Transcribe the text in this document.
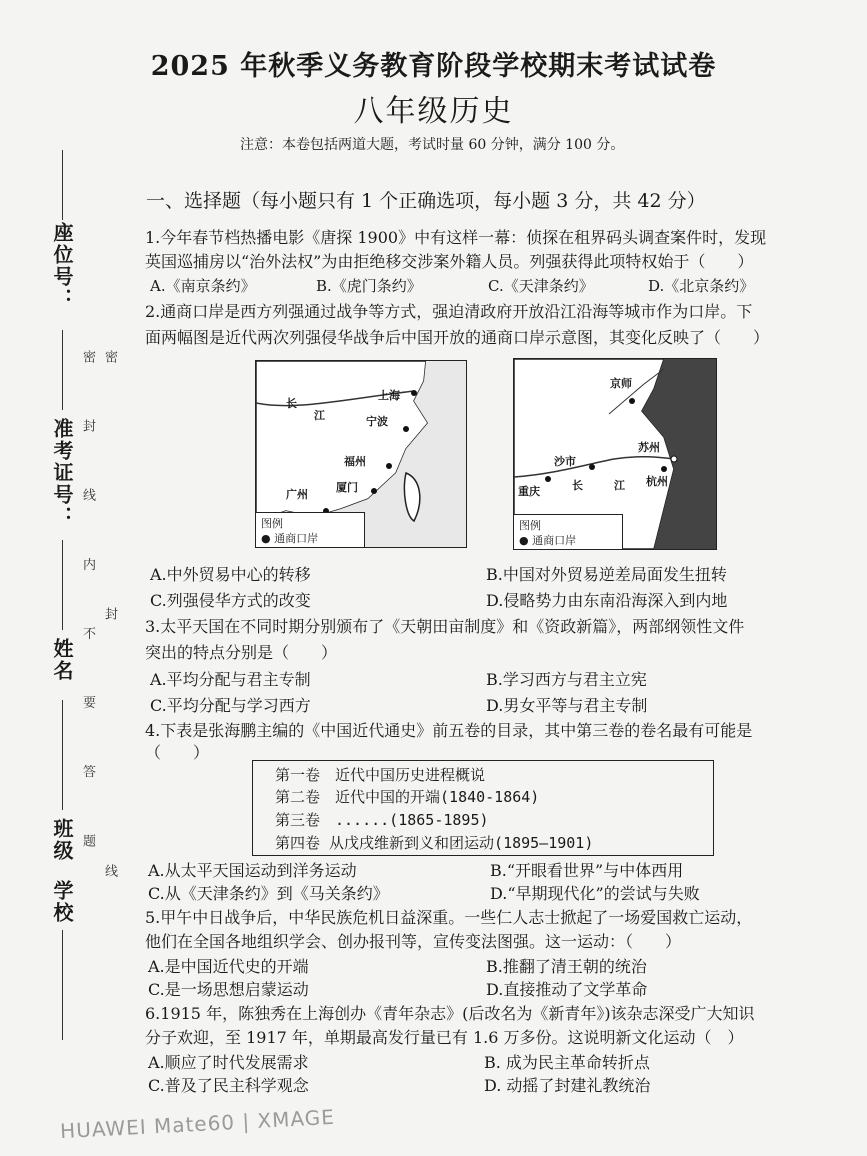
座位号：
准考证号：
姓名
班级
学校
密 封 线 内 不 要 答 题 密 封 线
2025 年秋季义务教育阶段学校期末考试试卷
八年级历史
注意：本卷包括两道大题，考试时量 60 分钟，满分 100 分。
一、选择题（每小题只有 1 个正确选项，每小题 3 分，共 42 分）
1.今年春节档热播电影《唐探 1900》中有这样一幕：侦探在租界码头调查案件时，发现
英国巡捕房以“治外法权”为由拒绝移交涉案外籍人员。列强获得此项特权始于（　　）
A.《南京条约》	B.《虎门条约》	C.《天津条约》	D.《北京条约》
2.通商口岸是西方列强通过战争等方式，强迫清政府开放沿江沿海等城市作为口岸。下
面两幅图是近代两次列强侵华战争后中国开放的通商口岸示意图，其变化反映了（　　）
上海
宁波
福州
厦门
广州
长
江
图例
● 通商口岸
京师
苏州
杭州
沙市
重庆	长	江
图例
● 通商口岸
A.中外贸易中心的转移	B.中国对外贸易逆差局面发生扭转
C.列强侵华方式的改变	D.侵略势力由东南沿海深入到内地
3.太平天国在不同时期分别颁布了《天朝田亩制度》和《资政新篇》，两部纲领性文件
突出的特点分别是（　　）
A.平均分配与君主专制	B.学习西方与君主立宪
C.平均分配与学习西方	D.男女平等与君主专制
4.下表是张海鹏主编的《中国近代通史》前五卷的目录，其中第三卷的卷名最有可能是
（　　）
第一卷　近代中国历史进程概说
第二卷　近代中国的开端(1840-1864)
第三卷　......(1865-1895)
第四卷 从戊戌维新到义和团运动(1895—1901)
A.从太平天国运动到洋务运动	B.“开眼看世界”与中体西用
C.从《天津条约》到《马关条约》	D.“早期现代化”的尝试与失败
5.甲午中日战争后，中华民族危机日益深重。一些仁人志士掀起了一场爱国救亡运动，
他们在全国各地组织学会、创办报刊等，宣传变法图强。这一运动：（　　）
A.是中国近代史的开端	B.推翻了清王朝的统治
C.是一场思想启蒙运动	D.直接推动了文学革命
6.1915 年，陈独秀在上海创办《青年杂志》(后改名为《新青年》)该杂志深受广大知识
分子欢迎，至 1917 年，单期最高发行量已有 1.6 万多份。这说明新文化运动（　）
A.顺应了时代发展需求	B. 成为民主革命转折点
C.普及了民主科学观念	D. 动摇了封建礼教统治
HUAWEI Mate60 | XMAGE
